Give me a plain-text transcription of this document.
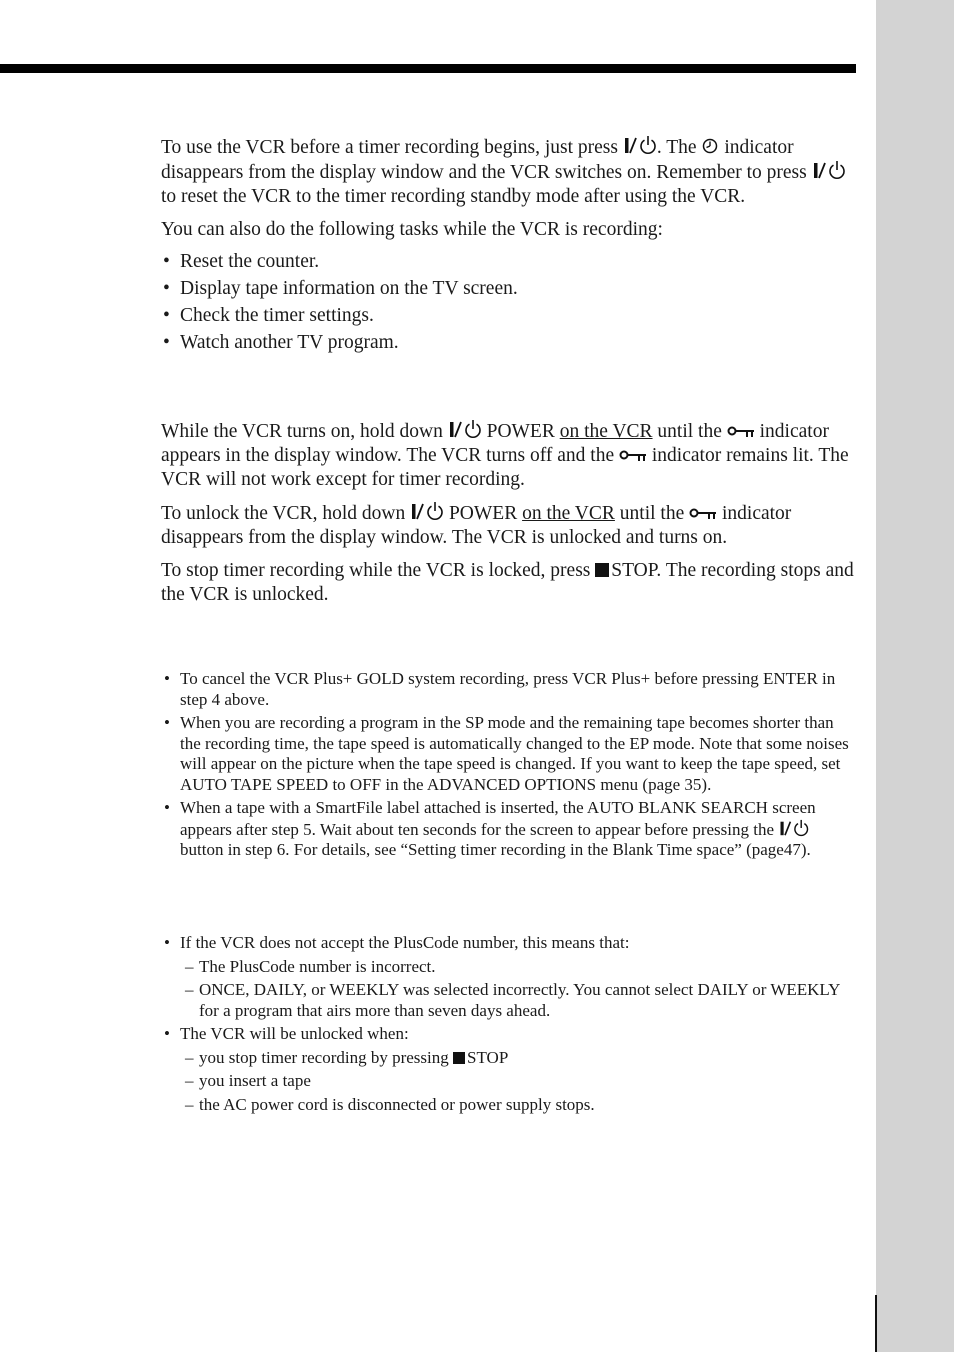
To use the VCR before a timer recording begins, just press . The indicator disappears from the display window and the VCR switches on. Remember to press  to reset the VCR to the timer recording standby mode after using the VCR.

You can also do the following tasks while the VCR is recording:

• Reset the counter.
• Display tape information on the TV screen.
• Check the timer settings.
• Watch another TV program.

While the VCR turns on, hold down POWER on the VCR until the indicator appears in the display window. The VCR turns off and the indicator remains lit. The VCR will not work except for timer recording.

To unlock the VCR, hold down POWER on the VCR until the indicator disappears from the display window. The VCR is unlocked and turns on.

To stop timer recording while the VCR is locked, press STOP. The recording stops and the VCR is unlocked.

• To cancel the VCR Plus+ GOLD system recording, press VCR Plus+ before pressing ENTER in step 4 above.
• When you are recording a program in the SP mode and the remaining tape becomes shorter than the recording time, the tape speed is automatically changed to the EP mode. Note that some noises will appear on the picture when the tape speed is changed. If you want to keep the tape speed, set AUTO TAPE SPEED to OFF in the ADVANCED OPTIONS menu (page 35).
• When a tape with a SmartFile label attached is inserted, the AUTO BLANK SEARCH screen appears after step 5. Wait about ten seconds for the screen to appear before pressing the  button in step 6. For details, see “Setting timer recording in the Blank Time space” (page47).
• If the VCR does not accept the PlusCode number, this means that:
– The PlusCode number is incorrect.
– ONCE, DAILY, or WEEKLY was selected incorrectly. You cannot select DAILY or WEEKLY for a program that airs more than seven days ahead.
• The VCR will be unlocked when:
– you stop timer recording by pressing STOP
– you insert a tape
– the AC power cord is disconnected or power supply stops.
